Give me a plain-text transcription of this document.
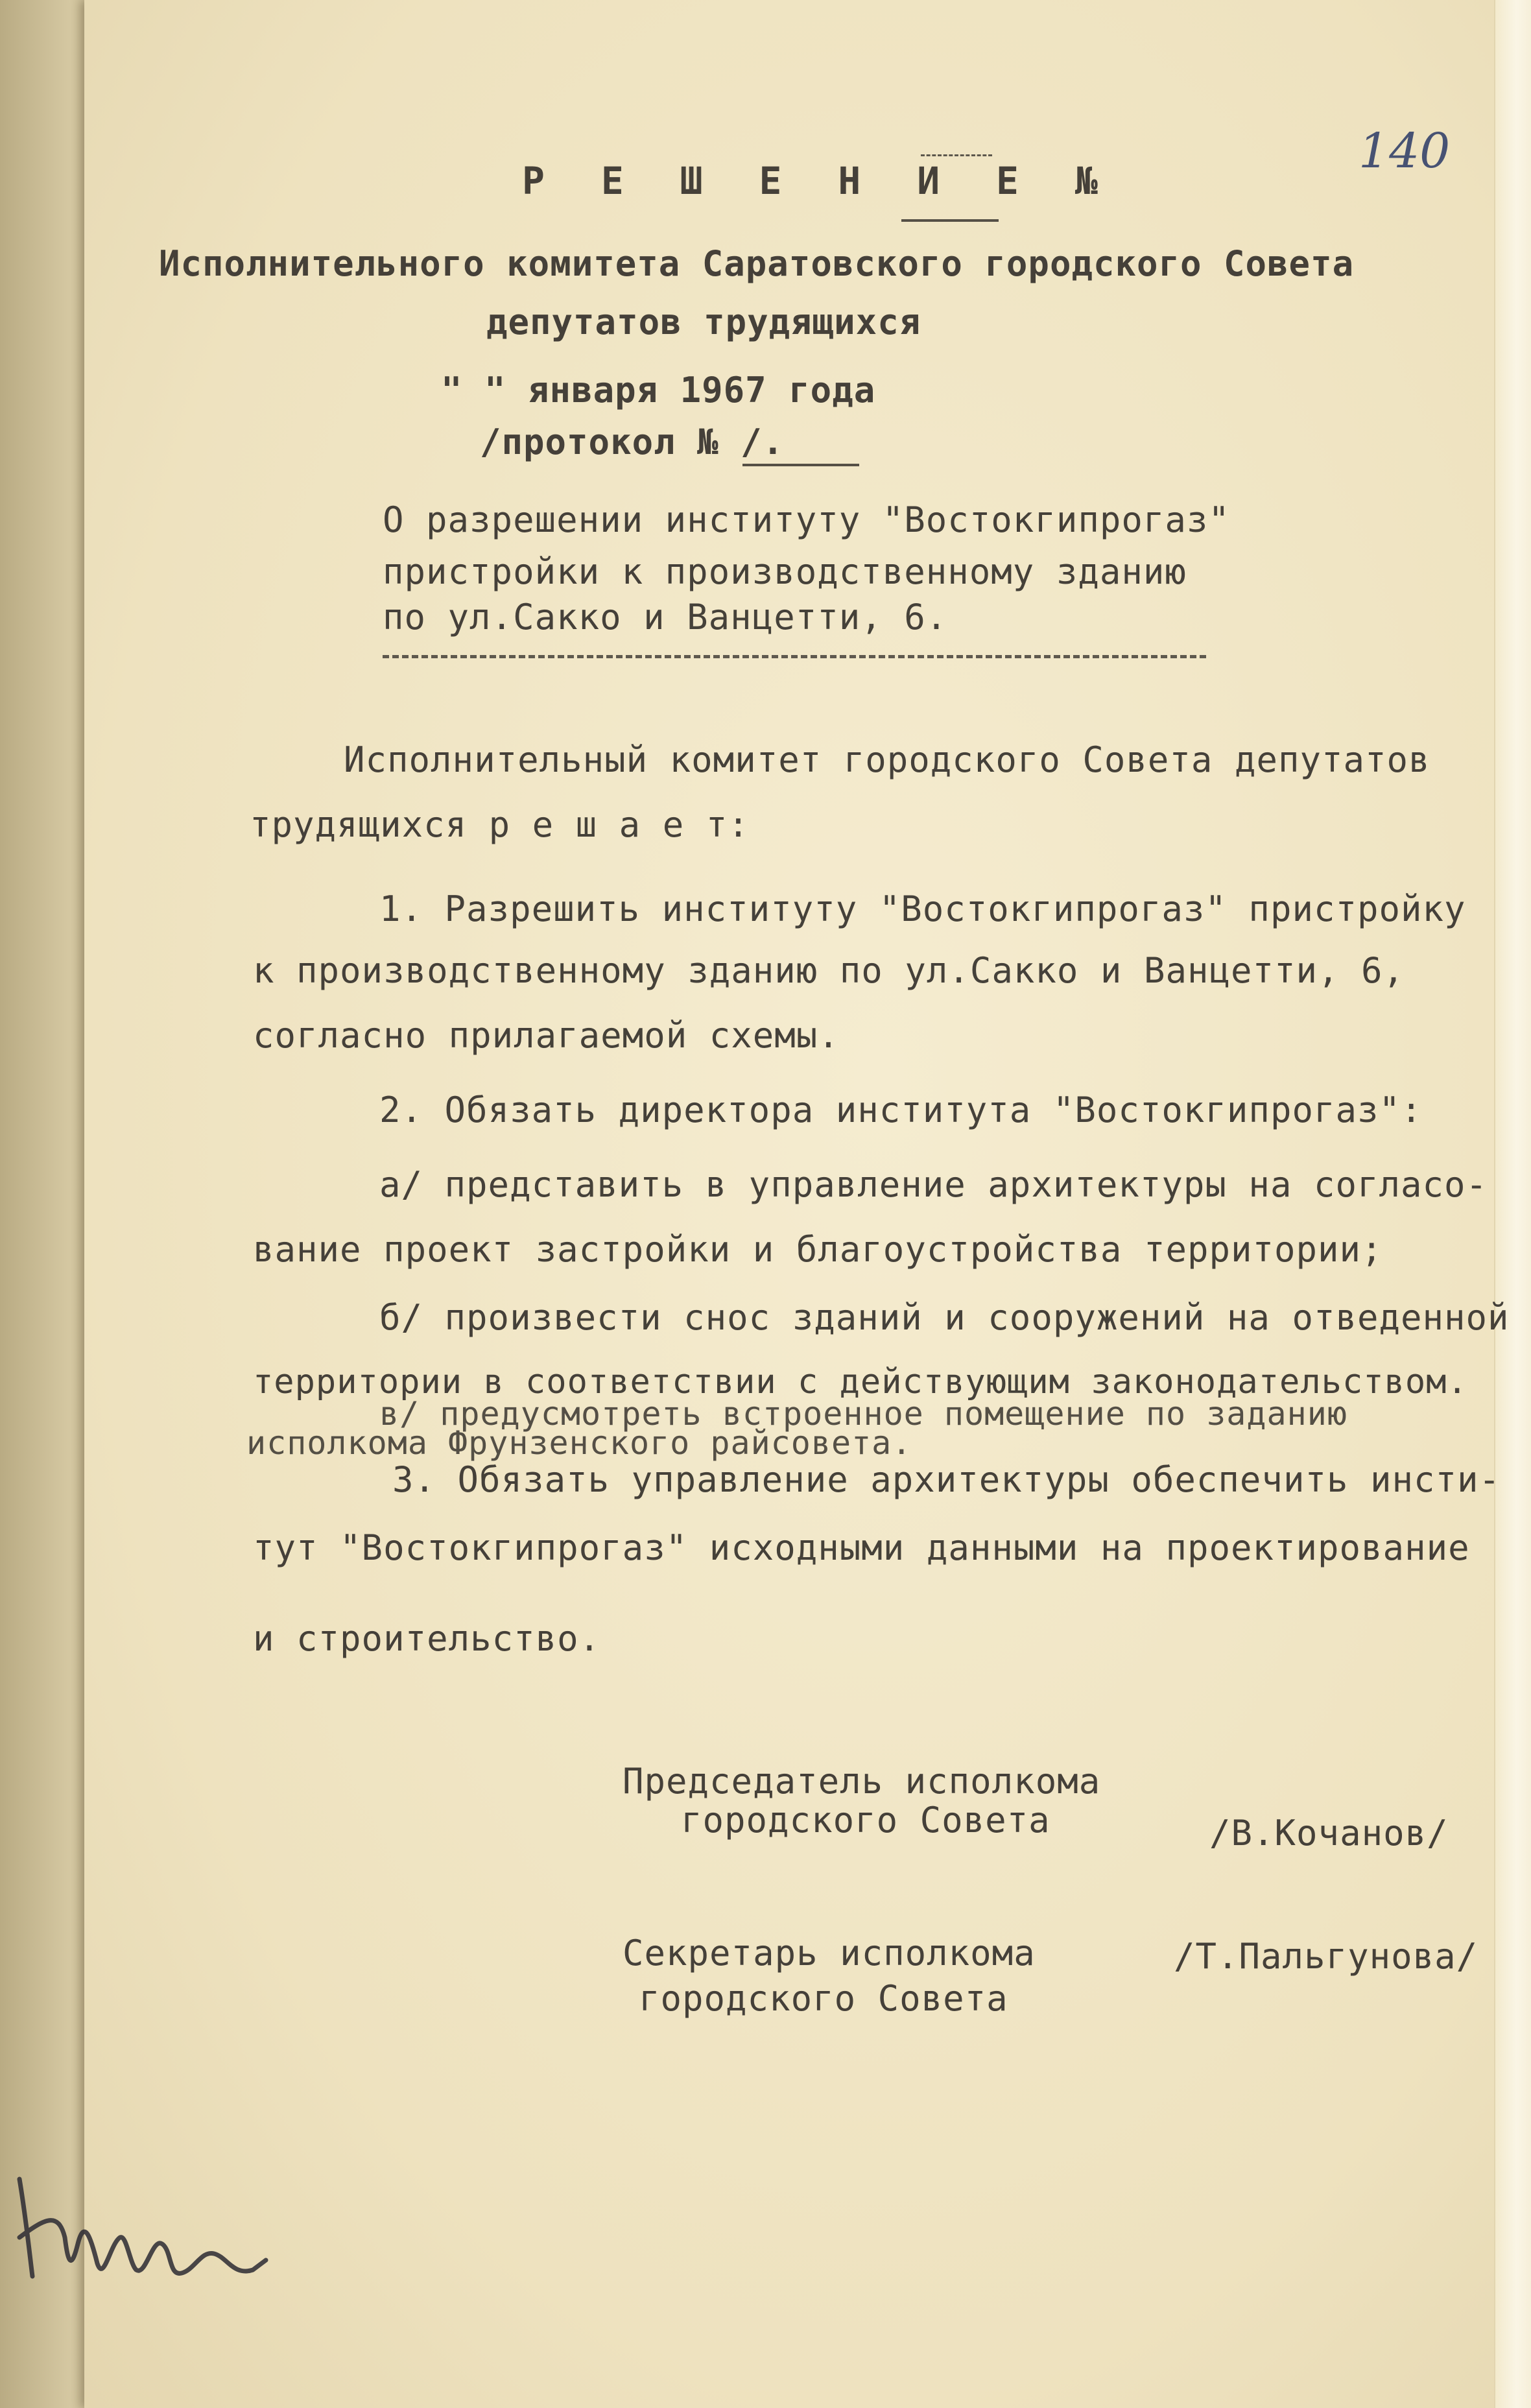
140
Р Е Ш Е Н И Е №
Исполнительного комитета Саратовского городского Совета
депутатов трудящихся
" " января 1967 года
/протокол № /.
О разрешении институту "Востокгипрогаз"
пристройки к производственному зданию
по ул.Сакко и Ванцетти, 6.
Исполнительный комитет городского Совета депутатов
трудящихся р е ш а е т:
1. Разрешить институту "Востокгипрогаз" пристройку
к производственному зданию по ул.Сакко и Ванцетти, 6,
согласно прилагаемой схемы.
2. Обязать директора института "Востокгипрогаз":
а/ представить в управление архитектуры на согласо-
вание проект застройки и благоустройства территории;
б/ произвести снос зданий и сооружений на отведенной
территории в соответствии с действующим законодательством.
в/ предусмотреть встроенное помещение по заданию
исполкома Фрунзенского райсовета.
3. Обязать управление архитектуры обеспечить инсти-
тут "Востокгипрогаз" исходными данными на проектирование
и строительство.
Председатель исполкома
городского Совета	/В.Кочанов/
Секретарь исполкома
городского Совета
/Т.Пальгунова/
